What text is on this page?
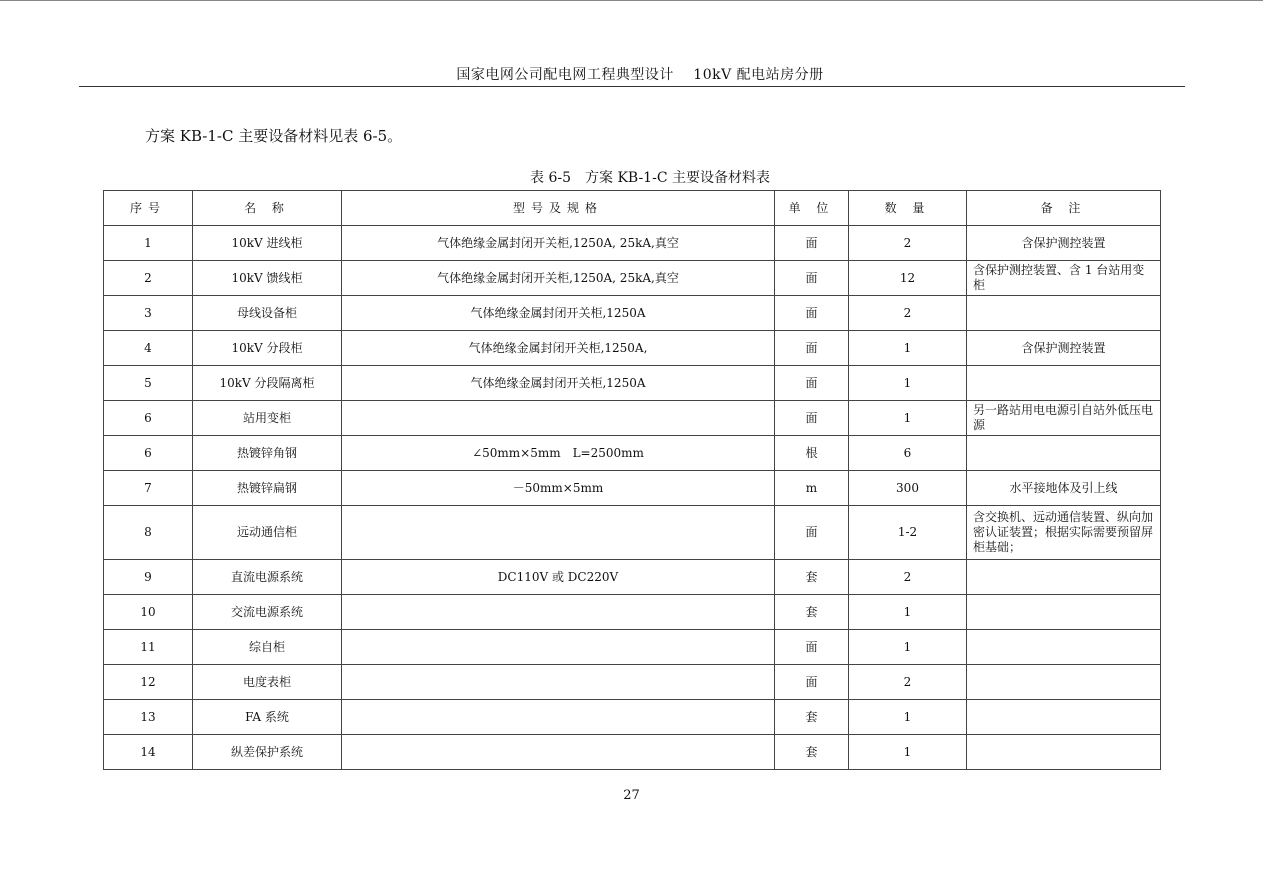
国家电网公司配电网工程典型设计　 10kV 配电站房分册
方案 KB-1-C 主要设备材料见表 6-5。
表 6-5　方案 KB-1-C 主要设备材料表
序号	名 称	型号及规格	单 位	数 量	备 注
1	10kV 进线柜	气体绝缘金属封闭开关柜,1250A, 25kA,真空	面	2	含保护测控装置
2	10kV 馈线柜	气体绝缘金属封闭开关柜,1250A, 25kA,真空	面	12	含保护测控装置、含 1 台站用变柜
3	母线设备柜	气体绝缘金属封闭开关柜,1250A	面	2	
4	10kV 分段柜	气体绝缘金属封闭开关柜,1250A,	面	1	含保护测控装置
5	10kV 分段隔离柜	气体绝缘金属封闭开关柜,1250A	面	1	
6	站用变柜		面	1	另一路站用电电源引自站外低压电源
6	热镀锌角钢	∠50mm×5mm　L=2500mm	根	6	
7	热镀锌扁钢	－50mm×5mm	m	300	水平接地体及引上线
8	远动通信柜		面	1-2	含交换机、远动通信装置、纵向加密认证装置；根据实际需要预留屏柜基础；
9	直流电源系统	DC110V 或 DC220V	套	2	
10	交流电源系统		套	1	
11	综自柜		面	1	
12	电度表柜		面	2	
13	FA 系统		套	1	
14	纵差保护系统		套	1	
27
